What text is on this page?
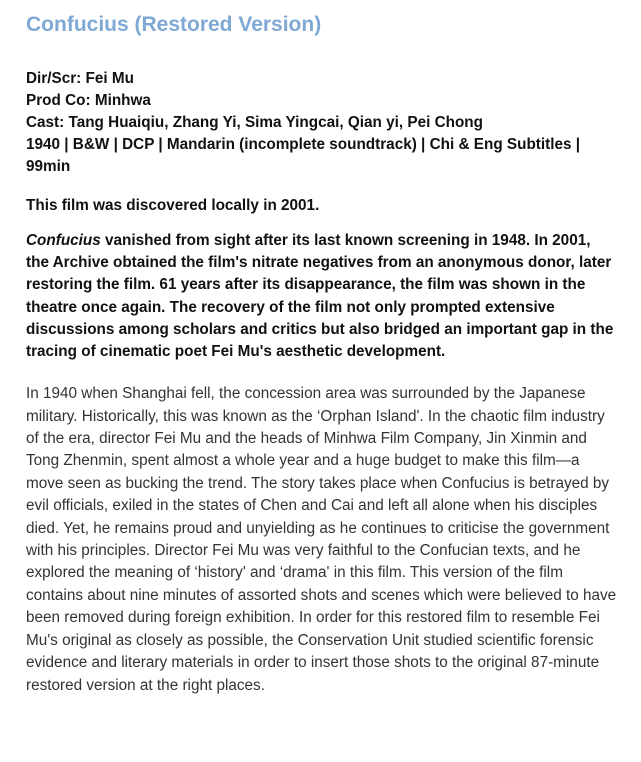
Confucius (Restored Version)
Dir/Scr: Fei Mu
Prod Co: Minhwa
Cast: Tang Huaiqiu, Zhang Yi, Sima Yingcai, Qian yi, Pei Chong
1940 | B&W | DCP | Mandarin (incomplete soundtrack) | Chi & Eng Subtitles | 99min
This film was discovered locally in 2001.

Confucius vanished from sight after its last known screening in 1948. In 2001, the Archive obtained the film's nitrate negatives from an anonymous donor, later restoring the film. 61 years after its disappearance, the film was shown in the theatre once again. The recovery of the film not only prompted extensive discussions among scholars and critics but also bridged an important gap in the tracing of cinematic poet Fei Mu's aesthetic development.

In 1940 when Shanghai fell, the concession area was surrounded by the Japanese military. Historically, this was known as the ‘Orphan Island'. In the chaotic film industry of the era, director Fei Mu and the heads of Minhwa Film Company, Jin Xinmin and Tong Zhenmin, spent almost a whole year and a huge budget to make this film—a move seen as bucking the trend. The story takes place when Confucius is betrayed by evil officials, exiled in the states of Chen and Cai and left all alone when his disciples died. Yet, he remains proud and unyielding as he continues to criticise the government with his principles. Director Fei Mu was very faithful to the Confucian texts, and he explored the meaning of ‘history' and ‘drama' in this film. This version of the film contains about nine minutes of assorted shots and scenes which were believed to have been removed during foreign exhibition. In order for this restored film to resemble Fei Mu's original as closely as possible, the Conservation Unit studied scientific forensic evidence and literary materials in order to insert those shots to the original 87-minute restored version at the right places.
